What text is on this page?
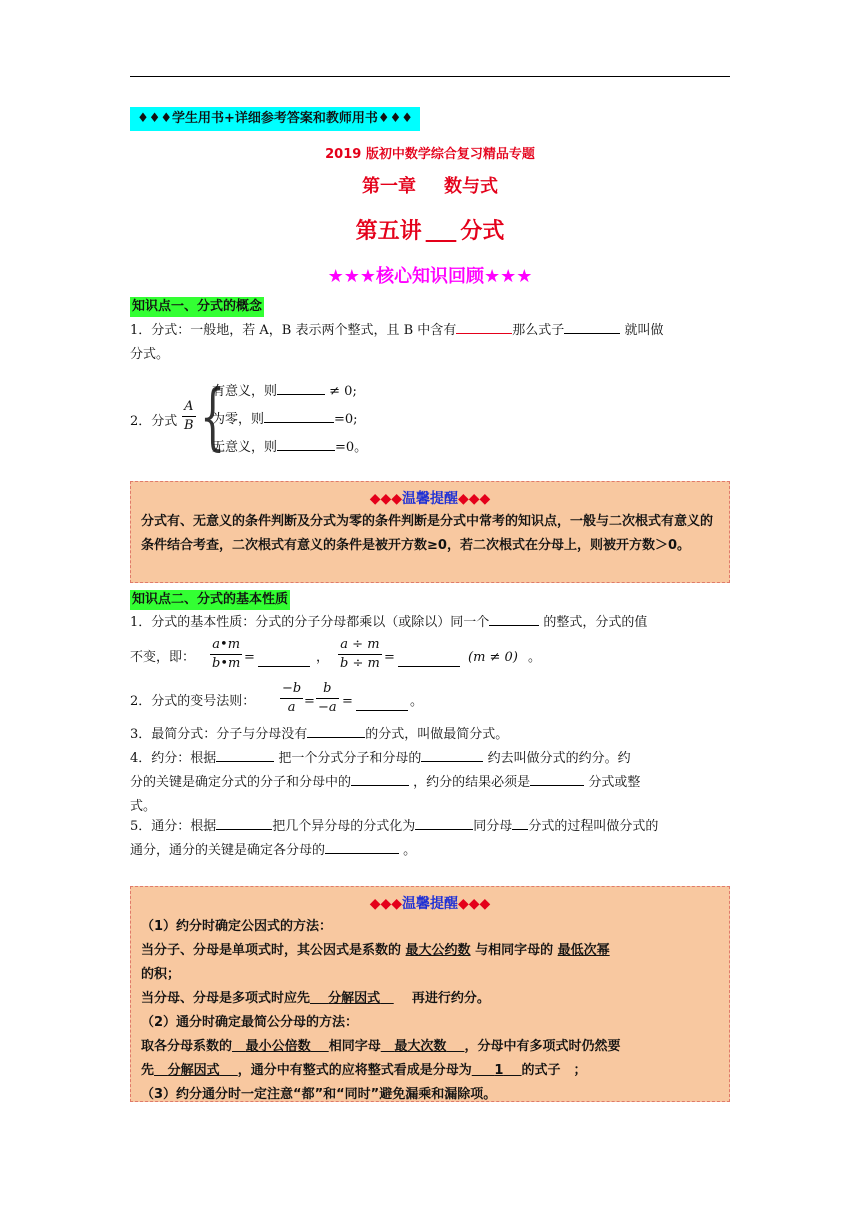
♦♦♦学生用书+详细参考答案和教师用书♦♦♦
2019 版初中数学综合复习精品专题
第一章 数与式
第五讲 分式
★★★核心知识回顾★★★
知识点一、分式的概念
1．分式：一般地，若 A，B 表示两个整式，且 B 中含有	那么式子	就叫做
分式。
2．分式 $\frac{A}{B}$ {
有意义，则	≠ 0;
为零，则	=0;
无意义，则	=0。
◆◆◆温馨提醒◆◆◆
分式有、无意义的条件判断及分式为零的条件判断是分式中常考的知识点，一般与二次根式有意义的条件结合考查，二次根式有意义的条件是被开方数≥0，若二次根式在分母上，则被开方数＞0。
知识点二、分式的基本性质
1．分式的基本性质：分式的分子分母都乘以（或除以）同一个	的整式，分式的值
不变，即： $\frac{a•m}{b•m}$ =	， $\frac{a \div m}{b \div m}$ =	(m ≠ 0) 。
2．分式的变号法则： $\frac{-b}{a} = \frac{b}{-a}$ =	。
3．最简分式：分子与分母没有	的分式，叫做最简分式。
4．约分：根据	把一个分式分子和分母的	约去叫做分式的约分。约
分的关键是确定分式的分子和分母中的	，约分的结果必须是	分式或整
式。
5．通分：根据	把几个异分母的分式化为	同分母 分式的过程叫做分式的
通分，通分的关键是确定各分母的	。
◆◆◆温馨提醒◆◆◆
（1）约分时确定公因式的方法：
当分子、分母是单项式时，其公因式是系数的 最大公约数 与相同字母的 最低次幂
的积；
当分母、分母是多项式时应先 分解因式 再进行约分。
（2）通分时确定最简公分母的方法：
取各分母系数的 最小公倍数 相同字母 最大次数 ，分母中有多项式时仍然要
先 分解因式 ，通分中有整式的应将整式看成是分母为 1 的式子　；
（3）约分通分时一定注意“都”和“同时”避免漏乘和漏除项。
